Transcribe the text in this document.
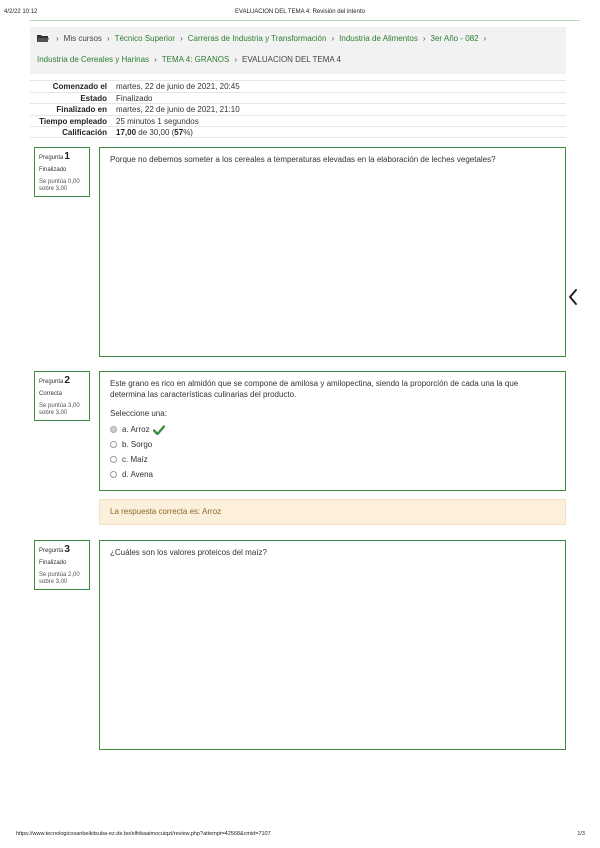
4/2/22 10:12	EVALUACION DEL TEMA 4: Revisión del intento
› Mis cursos › Técnico Superior › Carreras de Industria y Transformación › Industria de Alimentos › 3er Año - 082 ›
Industria de Cereales y Harinas › TEMA 4: GRANOS › EVALUACION DEL TEMA 4
Comenzado el	martes, 22 de junio de 2021, 20:45
Estado	Finalizado
Finalizado en	martes, 22 de junio de 2021, 21:10
Tiempo empleado	25 minutos 1 segundos
Calificación	17,00 de 30,00 (57%)
Pregunta 1
Finalizado
Se puntúa 0,00 sobre 3,00
Porque no debemos someter a los cereales a temperaturas elevadas en la elaboración de leches vegetales?
Pregunta 2
Correcta
Se puntúa 3,00 sobre 3,00
Este grano es rico en almidón que se compone de amilosa y amilopectina, siendo la proporción de cada una la que determina las características culinarias del producto.
Seleccione una:
a. Arroz
b. Sorgo
c. Maíz
d. Avena
La respuesta correcta es: Arroz
Pregunta 3
Finalizado
Se puntúa 2,00 sobre 3,00
¿Cuáles son los valores proteicos del maíz?
https://www.tecnologicosanbeikitsuba-ez.de.bo/elfrikaaimocuiqzi/review.php?attempt=42568&cmid=7107	1/3
